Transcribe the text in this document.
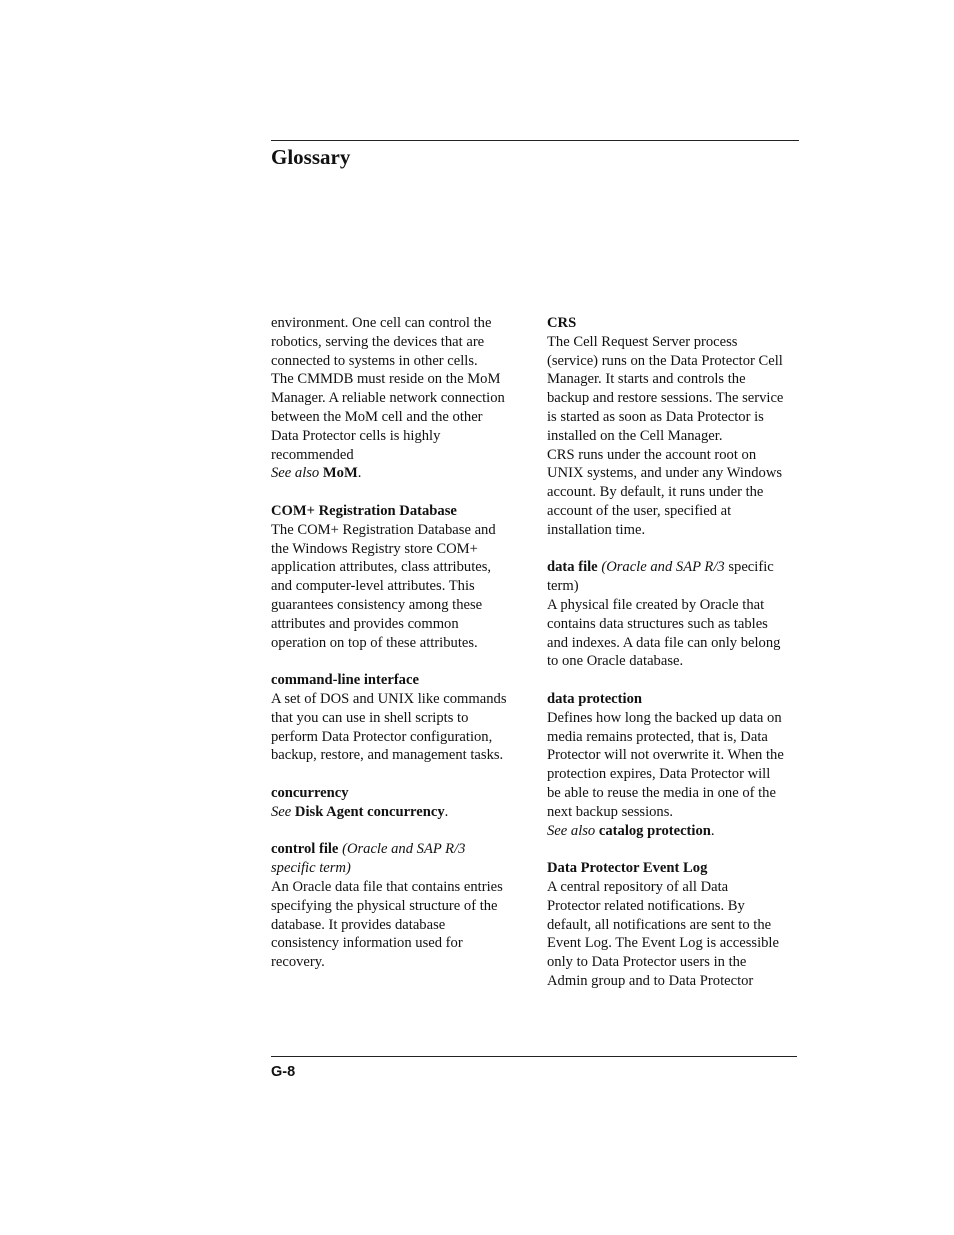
Glossary
environment. One cell can control the
robotics, serving the devices that are
connected to systems in other cells.
The CMMDB must reside on the MoM
Manager. A reliable network connection
between the MoM cell and the other
Data Protector cells is highly
recommended
See also MoM.
COM+ Registration Database
The COM+ Registration Database and
the Windows Registry store COM+
application attributes, class attributes,
and computer-level attributes. This
guarantees consistency among these
attributes and provides common
operation on top of these attributes.
command-line interface
A set of DOS and UNIX like commands
that you can use in shell scripts to
perform Data Protector configuration,
backup, restore, and management tasks.
concurrency
See Disk Agent concurrency.
control file (Oracle and SAP R/3
specific term)
An Oracle data file that contains entries
specifying the physical structure of the
database. It provides database
consistency information used for
recovery.
CRS
The Cell Request Server process
(service) runs on the Data Protector Cell
Manager. It starts and controls the
backup and restore sessions. The service
is started as soon as Data Protector is
installed on the Cell Manager.
CRS runs under the account root on
UNIX systems, and under any Windows
account. By default, it runs under the
account of the user, specified at
installation time.
data file (Oracle and SAP R/3 specific
term)
A physical file created by Oracle that
contains data structures such as tables
and indexes. A data file can only belong
to one Oracle database.
data protection
Defines how long the backed up data on
media remains protected, that is, Data
Protector will not overwrite it. When the
protection expires, Data Protector will
be able to reuse the media in one of the
next backup sessions.
See also catalog protection.
Data Protector Event Log
A central repository of all Data
Protector related notifications. By
default, all notifications are sent to the
Event Log. The Event Log is accessible
only to Data Protector users in the
Admin group and to Data Protector
G-8
